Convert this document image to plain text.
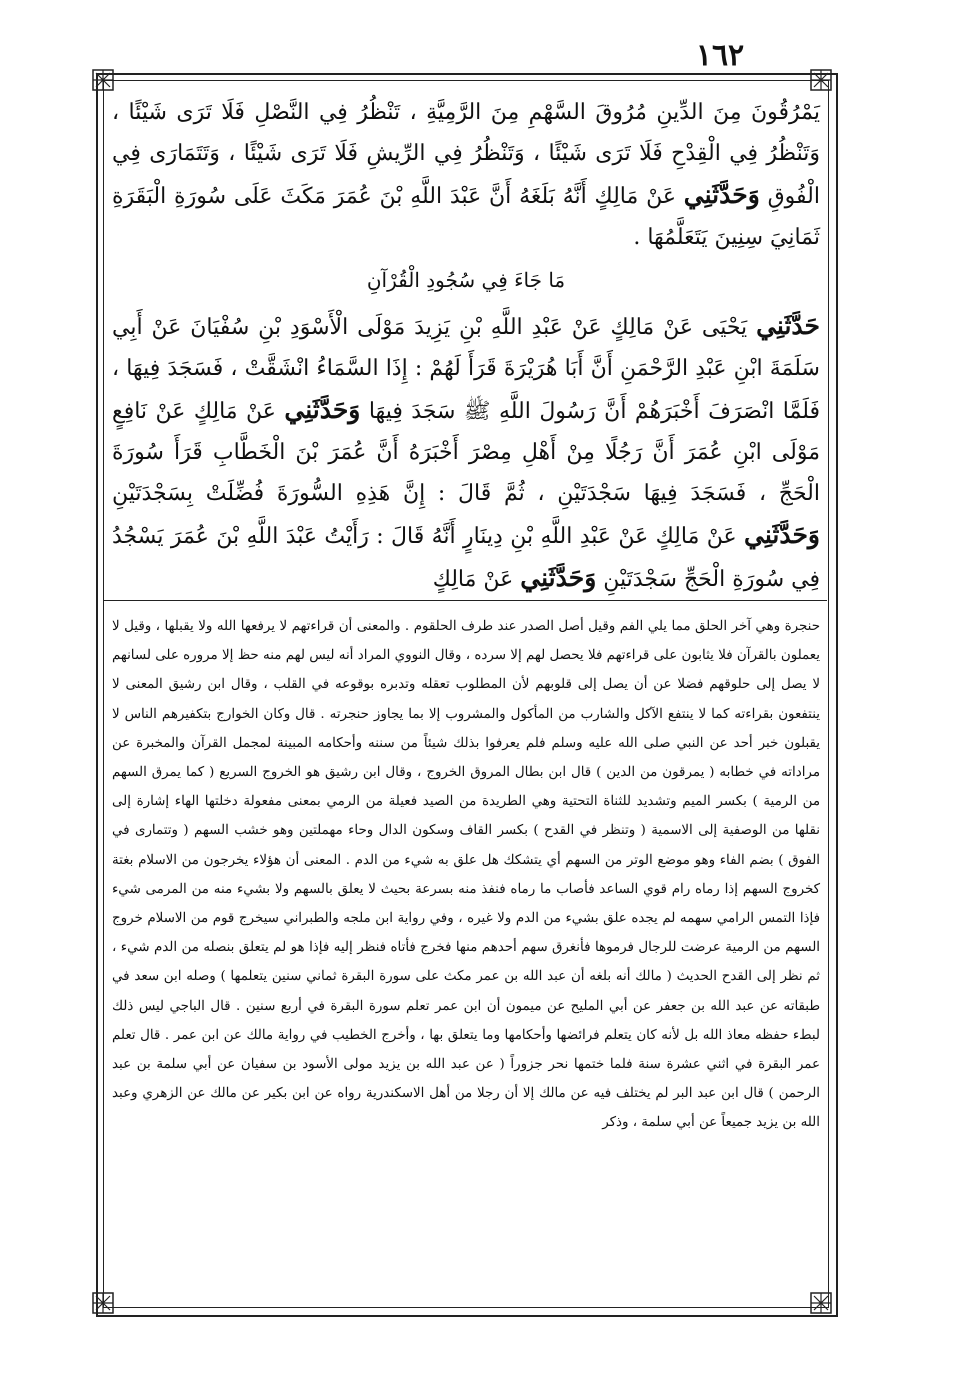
١٦٢

يَمْرُقُونَ مِنَ الدِّينِ مُرُوقَ السَّهْمِ مِنَ الرَّمِيَّةِ ، تَنْظُرُ فِي النَّصْلِ فَلَا تَرَى شَيْئًا ، وَتَنْظُرُ فِي الْقِدْحِ فَلَا تَرَى شَيْئًا ، وَتَنْظُرُ فِي الرِّيشِ فَلَا تَرَى شَيْئًا ، وَتَتَمَارَى فِي الْفُوقِ وَحَدَّثَنِي عَنْ مَالِكٍ أَنَّهُ بَلَغَهُ أَنَّ عَبْدَ اللَّهِ بْنَ عُمَرَ مَكَثَ عَلَى سُورَةِ الْبَقَرَةِ ثَمَانِيَ سِنِينَ يَتَعَلَّمُهَا .

مَا جَاءَ فِي سُجُودِ الْقُرْآنِ

حَدَّثَنِي يَحْيَى عَنْ مَالِكٍ عَنْ عَبْدِ اللَّهِ بْنِ يَزِيدَ مَوْلَى الْأَسْوَدِ بْنِ سُفْيَانَ عَنْ أَبِي سَلَمَةَ ابْنِ عَبْدِ الرَّحْمَنِ أَنَّ أَبَا هُرَيْرَةَ قَرَأَ لَهُمْ : إِذَا السَّمَاءُ انْشَقَّتْ ، فَسَجَدَ فِيهَا ، فَلَمَّا انْصَرَفَ أَخْبَرَهُمْ أَنَّ رَسُولَ اللَّهِ ﷺ سَجَدَ فِيهَا وَحَدَّثَنِي عَنْ مَالِكٍ عَنْ نَافِعٍ مَوْلَى ابْنِ عُمَرَ أَنَّ رَجُلًا مِنْ أَهْلِ مِصْرَ أَخْبَرَهُ أَنَّ عُمَرَ بْنَ الْخَطَّابِ قَرَأَ سُورَةَ الْحَجِّ ، فَسَجَدَ فِيهَا سَجْدَتَيْنِ ، ثُمَّ قَالَ : إِنَّ هَذِهِ السُّورَةَ فُضِّلَتْ بِسَجْدَتَيْنِ وَحَدَّثَنِي عَنْ مَالِكٍ عَنْ عَبْدِ اللَّهِ بْنِ دِينَارٍ أَنَّهُ قَالَ : رَأَيْتُ عَبْدَ اللَّهِ بْنَ عُمَرَ يَسْجُدُ فِي سُورَةِ الْحَجِّ سَجْدَتَيْنِ وَحَدَّثَنِي عَنْ مَالِكٍ

حنجرة وهي آخر الحلق مما يلي الفم وقيل أصل الصدر عند طرف الحلقوم . والمعنى أن قراءتهم لا يرفعها الله ولا يقبلها ، وقيل لا يعملون بالقرآن فلا يثابون على قراءتهم فلا يحصل لهم إلا سرده ، وقال النووي المراد أنه ليس لهم منه حظ إلا مروره على لسانهم لا يصل إلى حلوقهم فضلا عن أن يصل إلى قلوبهم لأن المطلوب تعقله وتدبره بوقوعه في القلب ، وقال ابن رشيق المعنى لا ينتفعون بقراءته كما لا ينتفع الآكل والشارب من المأكول والمشروب إلا بما يجاوز حنجرته . قال وكان الخوارج بتكفيرهم الناس لا يقبلون خبر أحد عن النبي صلى الله عليه وسلم فلم يعرفوا بذلك شيئاً من سننه وأحكامه المبينة لمجمل القرآن والمخبرة عن مراداته في خطابه ( يمرقون من الدين ) قال ابن بطال المروق الخروج ، وقال ابن رشيق هو الخروج السريع ( كما يمرق السهم من الرمية ) بكسر الميم وتشديد للثناة التحتية وهي الطريدة من الصيد فعيلة من الرمي بمعنى مفعولة دخلتها الهاء إشارة إلى نقلها من الوصفية إلى الاسمية ( وتنظر في القدح ) بكسر القاف وسكون الدال وحاء مهملتين وهو خشب السهم ( وتتمارى في الفوق ) بضم الفاء وهو موضع الوتر من السهم أي يتشكك هل علق به شيء من الدم . المعنى أن هؤلاء يخرجون من الاسلام بغتة كخروج السهم إذا رماه رام قوي الساعد فأصاب ما رماه فنفذ منه بسرعة بحيث لا يعلق بالسهم ولا بشيء منه من المرمى شيء فإذا التمس الرامي سهمه لم يجده علق بشيء من الدم ولا غيره ، وفي رواية ابن ملجه والطبراني سيخرج قوم من الاسلام خروج السهم من الرمية عرضت للرجال فرموها فأنغرق سهم أحدهم منها فخرج فأتاه فنظر إليه فإذا هو لم يتعلق بنصله من الدم شيء ، ثم نظر إلى القدح الحديث ( مالك أنه بلغه أن عبد الله بن عمر مكث على سورة البقرة ثماني سنين يتعلمها ) وصله ابن سعد في طبقاته عن عبد الله بن جعفر عن أبي المليح عن ميمون أن ابن عمر تعلم سورة البقرة في أربع سنين . قال الباجي ليس ذلك لبطء حفظه معاذ الله بل لأنه كان يتعلم فرائضها وأحكامها وما يتعلق بها ، وأخرج الخطيب في رواية مالك عن ابن عمر . قال تعلم عمر البقرة في اثني عشرة سنة فلما ختمها نحر جزوراً ( عن عبد الله بن يزيد مولى الأسود بن سفيان عن أبي سلمة بن عبد الرحمن ) قال ابن عبد البر لم يختلف فيه عن مالك إلا أن رجلا من أهل الاسكندرية رواه عن ابن بكير عن مالك عن الزهري وعبد الله بن يزيد جميعاً عن أبي سلمة ، وذكر
